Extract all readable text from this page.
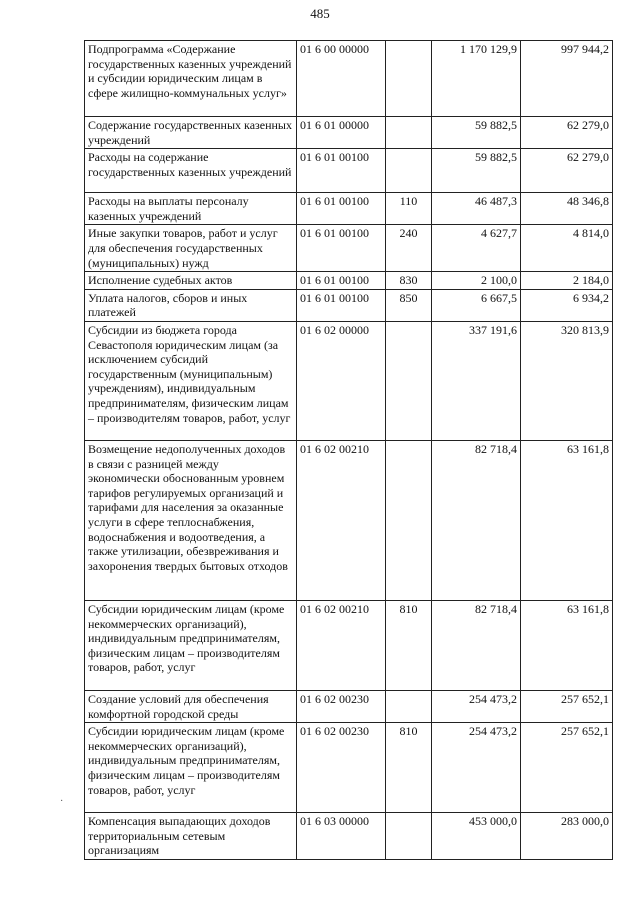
485
Подпрограмма «Содержание государственных казенных учреждений и субсидии юридическим лицам в сфере жилищно-коммунальных услуг»	01 6 00 00000		1 170 129,9	997 944,2
Содержание государственных казенных учреждений	01 6 01 00000		59 882,5	62 279,0
Расходы на содержание государственных казенных учреждений	01 6 01 00100		59 882,5	62 279,0
Расходы на выплаты персоналу казенных учреждений	01 6 01 00100	110	46 487,3	48 346,8
Иные закупки товаров, работ и услуг для обеспечения государственных (муниципальных) нужд	01 6 01 00100	240	4 627,7	4 814,0
Исполнение судебных актов	01 6 01 00100	830	2 100,0	2 184,0
Уплата налогов, сборов и иных платежей	01 6 01 00100	850	6 667,5	6 934,2
Субсидии из бюджета города Севастополя юридическим лицам (за исключением субсидий государственным (муниципальным) учреждениям), индивидуальным предпринимателям, физическим лицам – производителям товаров, работ, услуг	01 6 02 00000		337 191,6	320 813,9
Возмещение недополученных доходов в связи с разницей между экономически обоснованным уровнем тарифов регулируемых организаций и тарифами для населения за оказанные услуги в сфере теплоснабжения, водоснабжения и водоотведения, а также утилизации, обезвреживания и захоронения твердых бытовых отходов	01 6 02 00210		82 718,4	63 161,8
Субсидии юридическим лицам (кроме некоммерческих организаций), индивидуальным предпринимателям, физическим лицам – производителям товаров, работ, услуг	01 6 02 00210	810	82 718,4	63 161,8
Создание условий для обеспечения комфортной городской среды	01 6 02 00230		254 473,2	257 652,1
Субсидии юридическим лицам (кроме некоммерческих организаций), индивидуальным предпринимателям, физическим лицам – производителям товаров, работ, услуг	01 6 02 00230	810	254 473,2	257 652,1
Компенсация выпадающих доходов территориальным сетевым организациям	01 6 03 00000		453 000,0	283 000,0
·
